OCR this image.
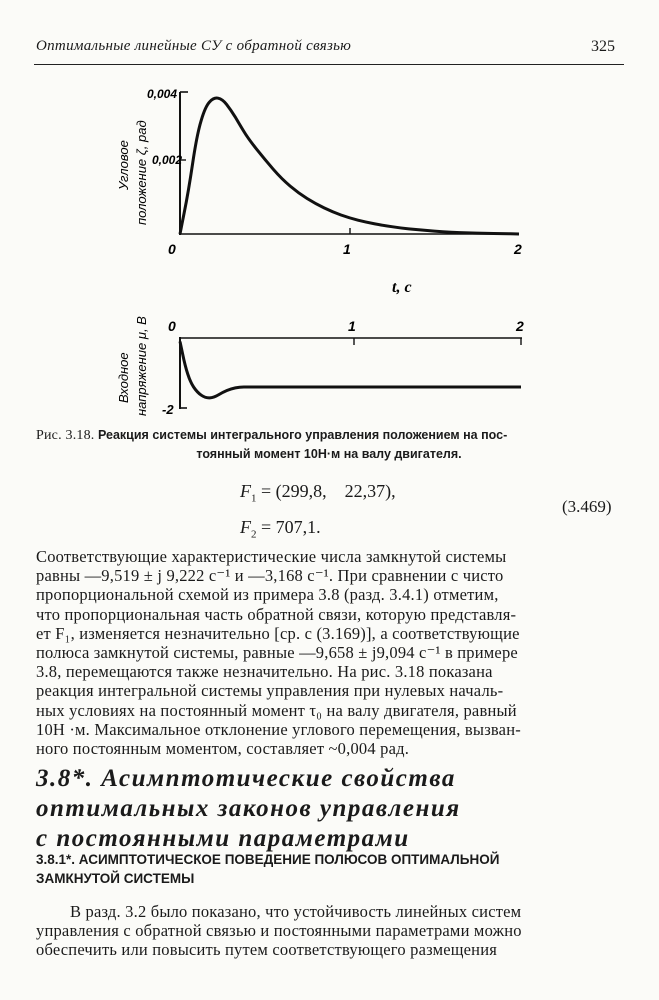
Оптимальные линейные СУ с обратной связью	325
0,004
0,002
0	1	2
t, с
Угловое положение ζ, рад
0	1	2
-2
Входное напряжение μ, В
Рис. 3.18. Реакция системы интегрального управления положением на пос-
тоянный момент 10Н·м на валу двигателя.
$F_1 = (299,8$,    22,37),
$F_2 = 707,1$.
(3.469)
Соответствующие характеристические числа замкнутой системы
равны —9,519 ± j 9,222 с⁻¹ и —3,168 с⁻¹. При сравнении с чисто
пропорциональной схемой из примера 3.8 (разд. 3.4.1) отметим,
что пропорциональная часть обратной связи, которую представля-
ет F₁, изменяется незначительно [ср. с (3.169)], а соответствующие
полюса замкнутой системы, равные —9,658 ± j9,094 с⁻¹ в примере
3.8, перемещаются также незначительно. На рис. 3.18 показана
реакция интегральной системы управления при нулевых началь-
ных условиях на постоянный момент τ₀ на валу двигателя, равный
10Н ·м. Максимальное отклонение углового перемещения, вызван-
ного постоянным моментом, составляет ~0,004 рад.
3.8*. Асимптотические свойства
оптимальных законов управления
с постоянными параметрами
3.8.1*. АСИМПТОТИЧЕСКОЕ ПОВЕДЕНИЕ ПОЛЮСОВ ОПТИМАЛЬНОЙ
ЗАМКНУТОЙ СИСТЕМЫ
В разд. 3.2 было показано, что устойчивость линейных систем
управления с обратной связью и постоянными параметрами можно
обеспечить или повысить путем соответствующего размещения
